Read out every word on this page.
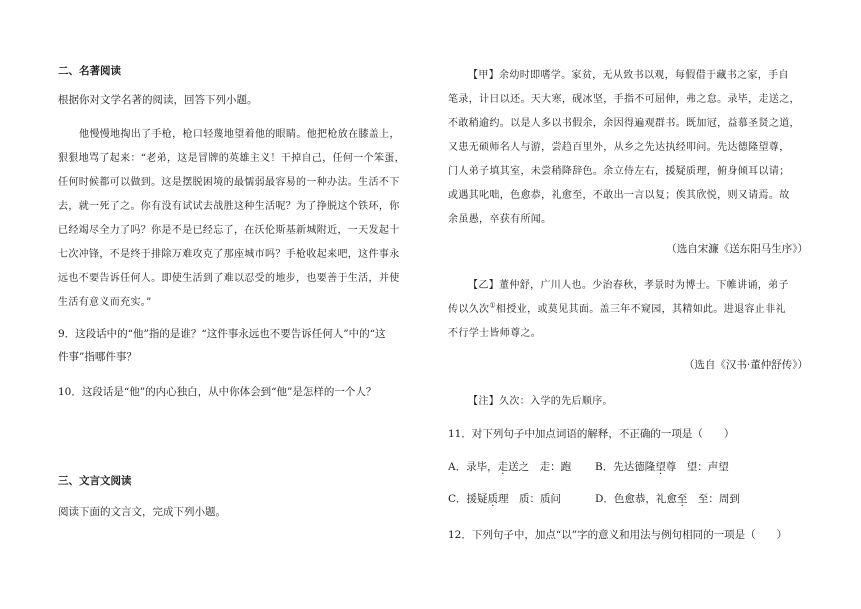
二、名著阅读
根据你对文学名著的阅读，回答下列小题。
他慢慢地掏出了手枪，枪口轻蔑地望着他的眼睛。他把枪放在膝盖上，
狠狠地骂了起来：“老弟，这是冒牌的英雄主义！干掉自己，任何一个笨蛋，
任何时候都可以做到。这是摆脱困境的最懦弱最容易的一种办法。生活不下
去，就一死了之。你有没有试试去战胜这种生活呢？为了挣脱这个铁环，你
已经竭尽全力了吗？你是不是已经忘了，在沃伦斯基新城附近，一天发起十
七次冲锋，不是终于排除万难攻克了那座城市吗？手枪收起来吧，这件事永
远也不要告诉任何人。即使生活到了难以忍受的地步，也要善于生活，并使
生活有意义而充实。”
9．这段话中的“他”指的是谁？“这件事永远也不要告诉任何人”中的“这
件事”指哪件事？
10．这段话是“他”的内心独白，从中你体会到“他”是怎样的一个人？
三、文言文阅读
阅读下面的文言文，完成下列小题。
【甲】余幼时即嗜学。家贫，无从致书以观，每假借于藏书之家，手自
笔录，计日以还。天大寒，砚冰坚，手指不可屈伸，弗之怠。录毕，走送之，
不敢稍逾约。以是人多以书假余，余因得遍观群书。既加冠，益慕圣贤之道，
又患无硕师名人与游，尝趋百里外，从乡之先达执经叩问。先达德隆望尊，
门人弟子填其室，未尝稍降辞色。余立侍左右，援疑质理，俯身倾耳以请；
或遇其叱咄，色愈恭，礼愈至，不敢出一言以复；俟其欣悦，则又请焉。故
余虽愚，卒获有所闻。
（选自宋濂《送东阳马生序》）
【乙】董仲舒，广川人也。少治春秋，孝景时为博士。下帷讲诵，弟子
传以久次①相授业，或莫见其面。盖三年不窥园，其精如此。进退容止非礼
不行学士皆师尊之。
（选自《汉书·董仲舒传》）
【注】久次：入学的先后顺序。
11．对下列句子中加点词语的解释，不正确的一项是（　　）
A．录毕，走送之　走：跑 B．先达德隆望尊　望：声望
C．援疑质理　质：质问	D．色愈恭，礼愈至　至：周到
12．下列句子中，加点“以”字的意义和用法与例句相同的一项是（　　）
